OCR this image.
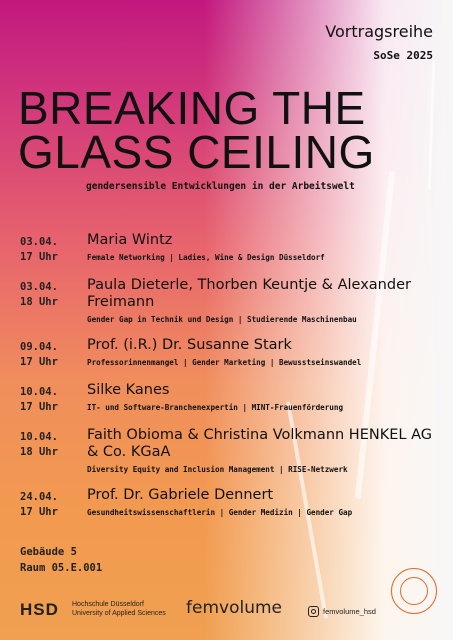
Vortragsreihe
SoSe 2025
BREAKING THE
GLASS CEILING
gendersensible Entwicklungen in der Arbeitswelt
03.04.
17 Uhr
Maria Wintz
Female Networking | Ladies, Wine & Design Düsseldorf
03.04.
18 Uhr
Paula Dieterle, Thorben Keuntje & Alexander Freimann
Gender Gap in Technik und Design | Studierende Maschinenbau
09.04.
17 Uhr
Prof. (i.R.) Dr. Susanne Stark
Professorinnenmangel | Gender Marketing | Bewusstseinswandel
10.04.
17 Uhr
Silke Kanes
IT- und Software-Branchenexpertin | MINT-Frauenförderung
10.04.
18 Uhr
Faith Obioma & Christina Volkmann HENKEL AG & Co. KGaA
Diversity Equity and Inclusion Management | RISE-Netzwerk
24.04.
17 Uhr
Prof. Dr. Gabriele Dennert
Gesundheitswissenschaftlerin | Gender Medizin | Gender Gap
Gebäude 5
Raum 05.E.001
HSD Hochschule Düsseldorf
University of Applied Sciences femvolume	femvolume_hsd
